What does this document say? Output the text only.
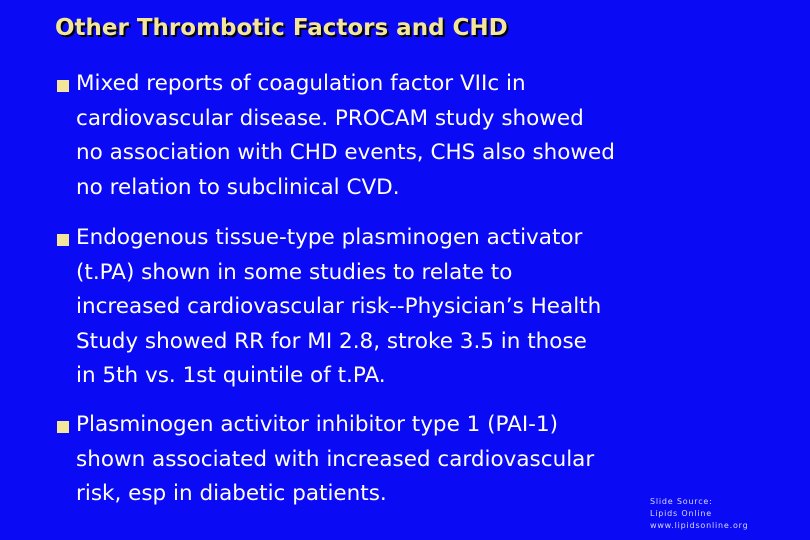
Other Thrombotic Factors and CHD
Mixed reports of coagulation factor VIIc in
cardiovascular disease. PROCAM study showed
no association with CHD events, CHS also showed
no relation to subclinical CVD.
Endogenous tissue-type plasminogen activator
(t.PA) shown in some studies to relate to
increased cardiovascular risk--Physician’s Health
Study showed RR for MI 2.8, stroke 3.5 in those
in 5th vs. 1st quintile of t.PA.
Plasminogen activitor inhibitor type 1 (PAI-1)
shown associated with increased cardiovascular
risk, esp in diabetic patients.	Slide Source:
Lipids Online
www.lipidsonline.org
